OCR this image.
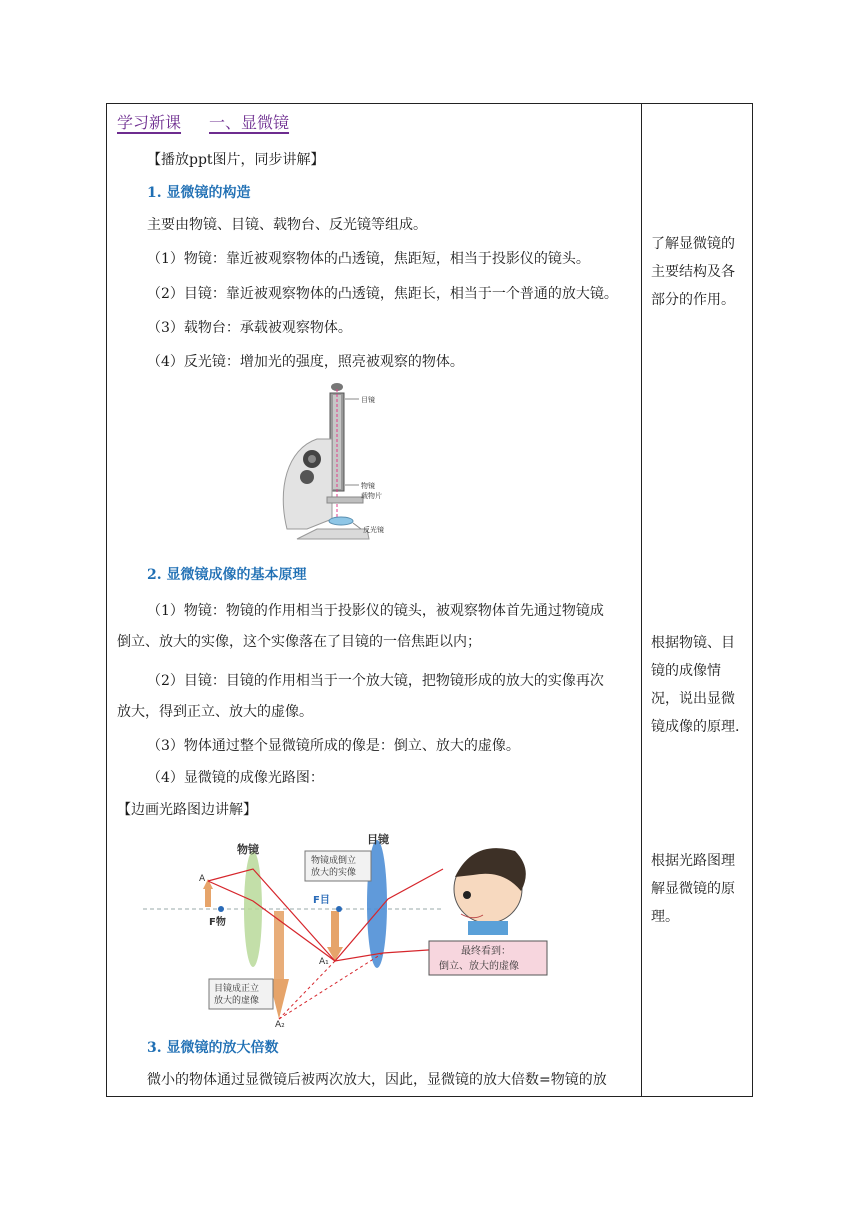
学习新课 一、显微镜
【播放ppt图片，同步讲解】
1. 显微镜的构造
主要由物镜、目镜、载物台、反光镜等组成。
（1）物镜：靠近被观察物体的凸透镜，焦距短，相当于投影仪的镜头。
（2）目镜：靠近被观察物体的凸透镜，焦距长，相当于一个普通的放大镜。
（3）载物台：承载被观察物体。
（4）反光镜：增加光的强度，照亮被观察的物体。
目镜
物镜
载物片
反光镜
2. 显微镜成像的基本原理
（1）物镜：物镜的作用相当于投影仪的镜头，被观察物体首先通过物镜成
倒立、放大的实像，这个实像落在了目镜的一倍焦距以内；
（2）目镜：目镜的作用相当于一个放大镜，把物镜形成的放大的实像再次
放大，得到正立、放大的虚像。
（3）物体通过整个显微镜所成的像是：倒立、放大的虚像。
（4）显微镜的成像光路图：
【边画光路图边讲解】
物镜
目镜
A
F物
A₁
F目
A₂
物镜成倒立
放大的实像
目镜成正立
放大的虚像
最终看到：
倒立、放大的虚像
3. 显微镜的放大倍数
微小的物体通过显微镜后被两次放大，因此，显微镜的放大倍数=物镜的放
了解显微镜的
主要结构及各
部分的作用。
根据物镜、目
镜的成像情
况，说出显微
镜成像的原理.
根据光路图理
解显微镜的原
理。
